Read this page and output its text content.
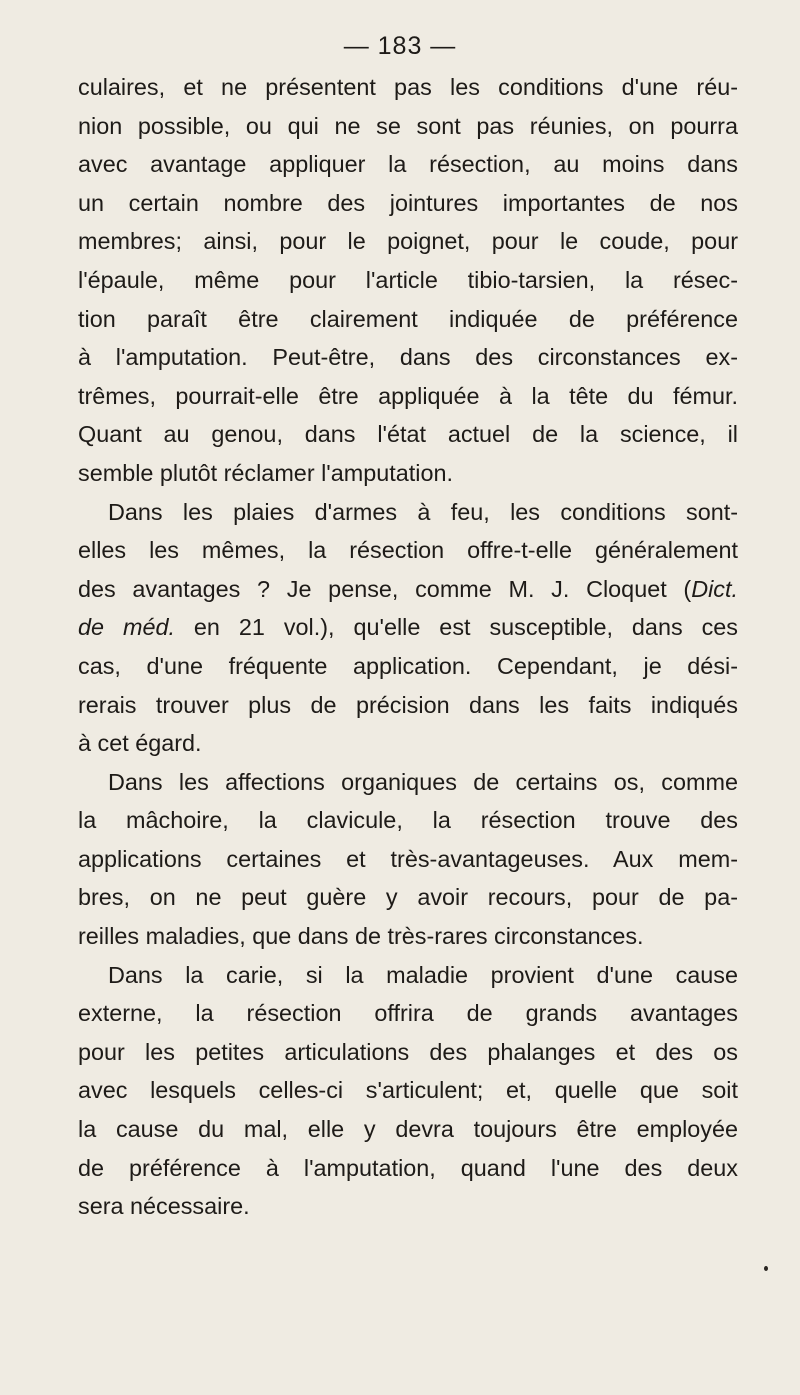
— 183 —
culaires, et ne présentent pas les conditions d'une réu-
nion possible, ou qui ne se sont pas réunies, on pourra
avec avantage appliquer la résection, au moins dans
un certain nombre des jointures importantes de nos
membres; ainsi, pour le poignet, pour le coude, pour
l'épaule, même pour l'article tibio-tarsien, la résec-
tion paraît être clairement indiquée de préférence
à l'amputation. Peut-être, dans des circonstances ex-
trêmes, pourrait-elle être appliquée à la tête du fémur.
Quant au genou, dans l'état actuel de la science, il
semble plutôt réclamer l'amputation.
Dans les plaies d'armes à feu, les conditions sont-
elles les mêmes, la résection offre-t-elle généralement
des avantages ? Je pense, comme M. J. Cloquet (Dict.
de méd. en 21 vol.), qu'elle est susceptible, dans ces
cas, d'une fréquente application. Cependant, je dési-
rerais trouver plus de précision dans les faits indiqués
à cet égard.
Dans les affections organiques de certains os, comme
la mâchoire, la clavicule, la résection trouve des
applications certaines et très-avantageuses. Aux mem-
bres, on ne peut guère y avoir recours, pour de pa-
reilles maladies, que dans de très-rares circonstances.
Dans la carie, si la maladie provient d'une cause
externe, la résection offrira de grands avantages
pour les petites articulations des phalanges et des os
avec lesquels celles-ci s'articulent; et, quelle que soit
la cause du mal, elle y devra toujours être employée
de préférence à l'amputation, quand l'une des deux
sera nécessaire.
